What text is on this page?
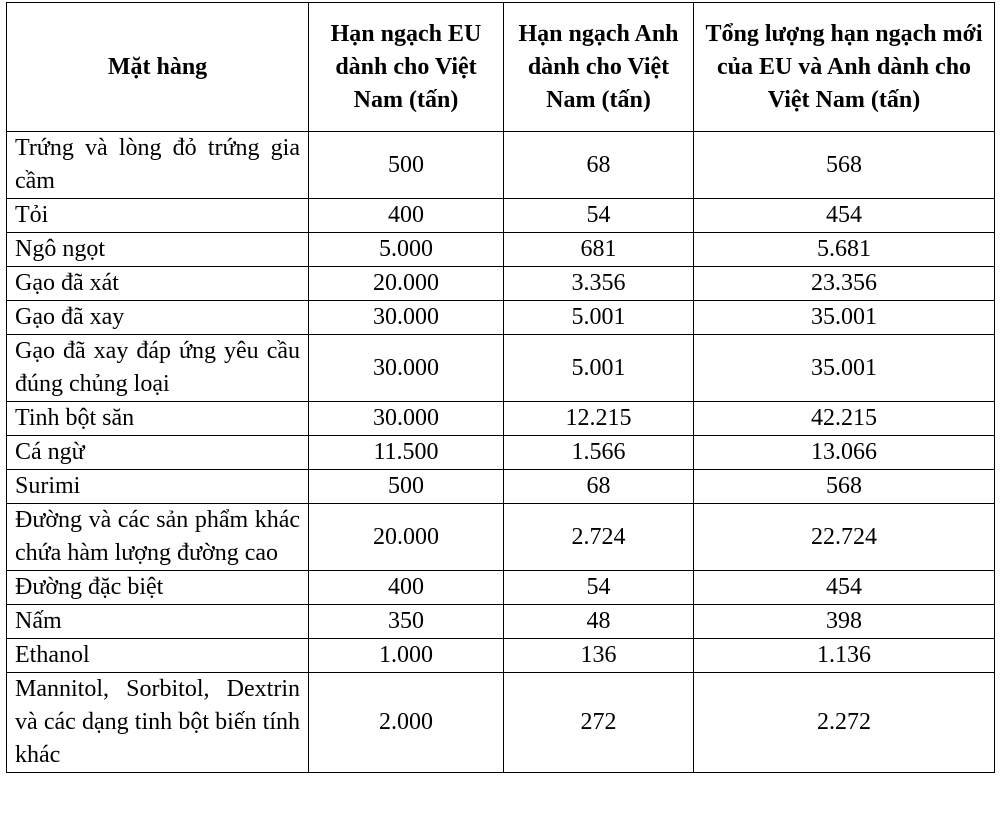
Mặt hàng	Hạn ngạch EU dành cho Việt Nam (tấn)	Hạn ngạch Anh dành cho Việt Nam (tấn)	Tổng lượng hạn ngạch mới của EU và Anh dành cho Việt Nam (tấn)
Trứng và lòng đỏ trứng gia cầm	500	68	568
Tỏi	400	54	454
Ngô ngọt	5.000	681	5.681
Gạo đã xát	20.000	3.356	23.356
Gạo đã xay	30.000	5.001	35.001
Gạo đã xay đáp ứng yêu cầu đúng chủng loại	30.000	5.001	35.001
Tinh bột săn	30.000	12.215	42.215
Cá ngừ	11.500	1.566	13.066
Surimi	500	68	568
Đường và các sản phẩm khác chứa hàm lượng đường cao	20.000	2.724	22.724
Đường đặc biệt	400	54	454
Nấm	350	48	398
Ethanol	1.000	136	1.136
Mannitol, Sorbitol, Dextrin và các dạng tinh bột biến tính khác	2.000	272	2.272
